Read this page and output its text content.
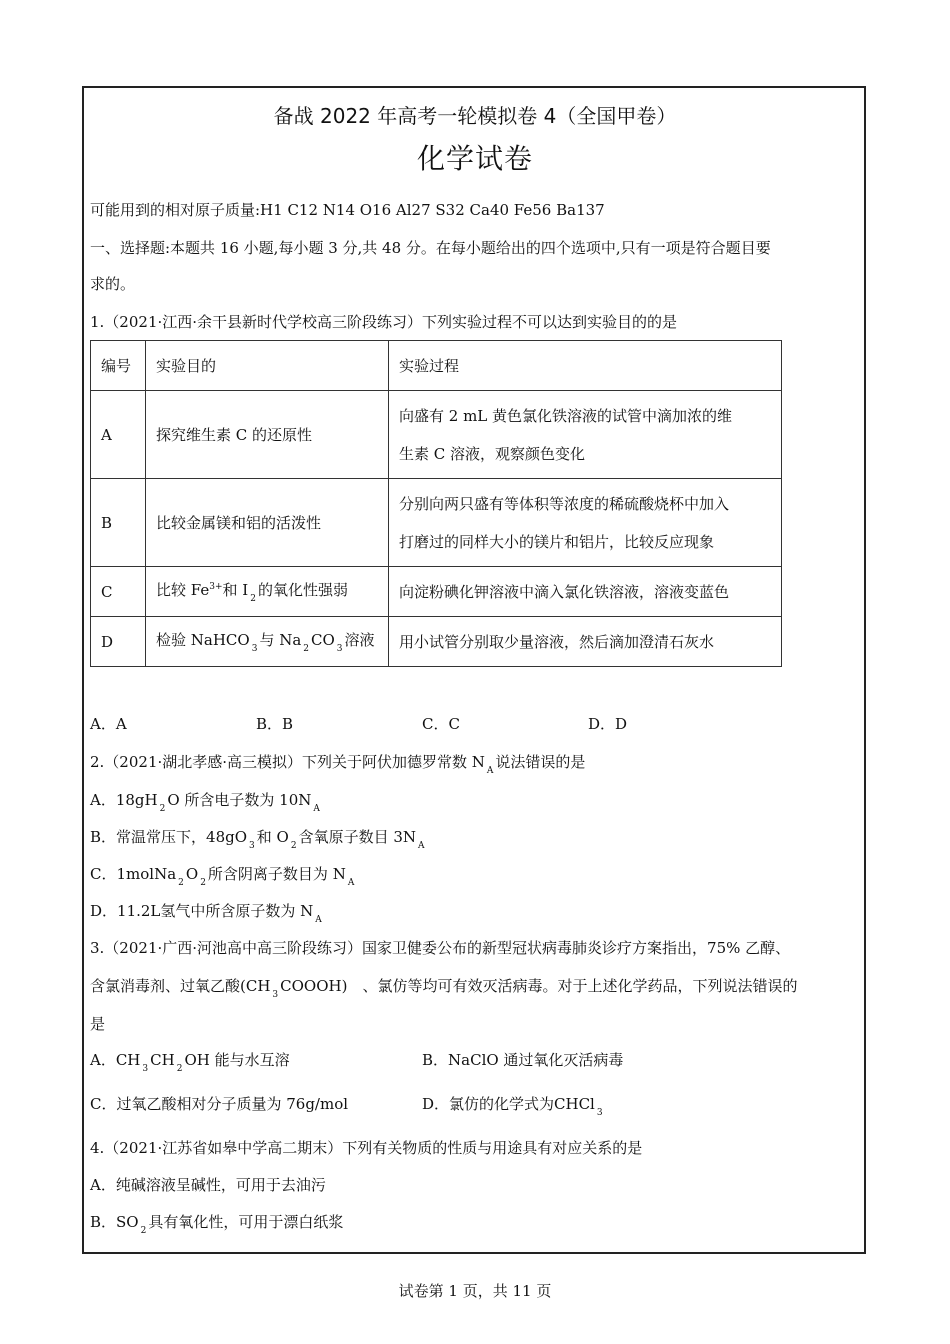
备战 2022 年高考一轮模拟卷 4（全国甲卷）
化学试卷
可能用到的相对原子质量:H1 C12 N14 O16 Al27 S32 Ca40 Fe56 Ba137
一、选择题:本题共 16 小题,每小题 3 分,共 48 分。在每小题给出的四个选项中,只有一项是符合题目要
求的。
1.（2021·江西·余干县新时代学校高三阶段练习）下列实验过程不可以达到实验目的的是
编号	实验目的	实验过程
A	探究维生素 C 的还原性	向盛有 2 mL 黄色氯化铁溶液的试管中滴加浓的维
生素 C 溶液，观察颜色变化

B	比较金属镁和铝的活泼性	分别向两只盛有等体积等浓度的稀硫酸烧杯中加入
打磨过的同样大小的镁片和铝片，比较反应现象

C	比较 $Fe^{3+}$和 I $_2$ 的氧化性强弱	向淀粉碘化钾溶液中滴入氯化铁溶液，溶液变蓝色
D	检验 NaHCO $_3$ 与 Na $_2$ CO $_3$ 溶液	用小试管分别取少量溶液，然后滴加澄清石灰水
A．A	B．B	C．C	D．D
2.（2021·湖北孝感·高三模拟）下列关于阿伏加德罗常数 N $_A$ 说法错误的是
A．18gH $_2$ O 所含电子数为 10N $_A$
B．常温常压下，48gO $_3$ 和 O $_2$ 含氧原子数目 3N $_A$
C．1molNa $_2$ O $_2$ 所含阴离子数目为 N $_A$
D．11.2L氢气中所含原子数为 N $_A$
3.（2021·广西·河池高中高三阶段练习）国家卫健委公布的新型冠状病毒肺炎诊疗方案指出，75% 乙醇、
含氯消毒剂、过氧乙酸(CH $_3$ COOOH)　、氯仿等均可有效灭活病毒。对于上述化学药品，下列说法错误的
是
A．CH $_3$ CH $_2$ OH 能与水互溶	B．NaClO 通过氧化灭活病毒
C．过氧乙酸相对分子质量为 76g/mol	D．氯仿的化学式为CHCl $_3$
4.（2021·江苏省如皋中学高二期末）下列有关物质的性质与用途具有对应关系的是
A．纯碱溶液呈碱性，可用于去油污
B．SO $_2$ 具有氧化性，可用于漂白纸浆
试卷第 1 页，共 11 页
